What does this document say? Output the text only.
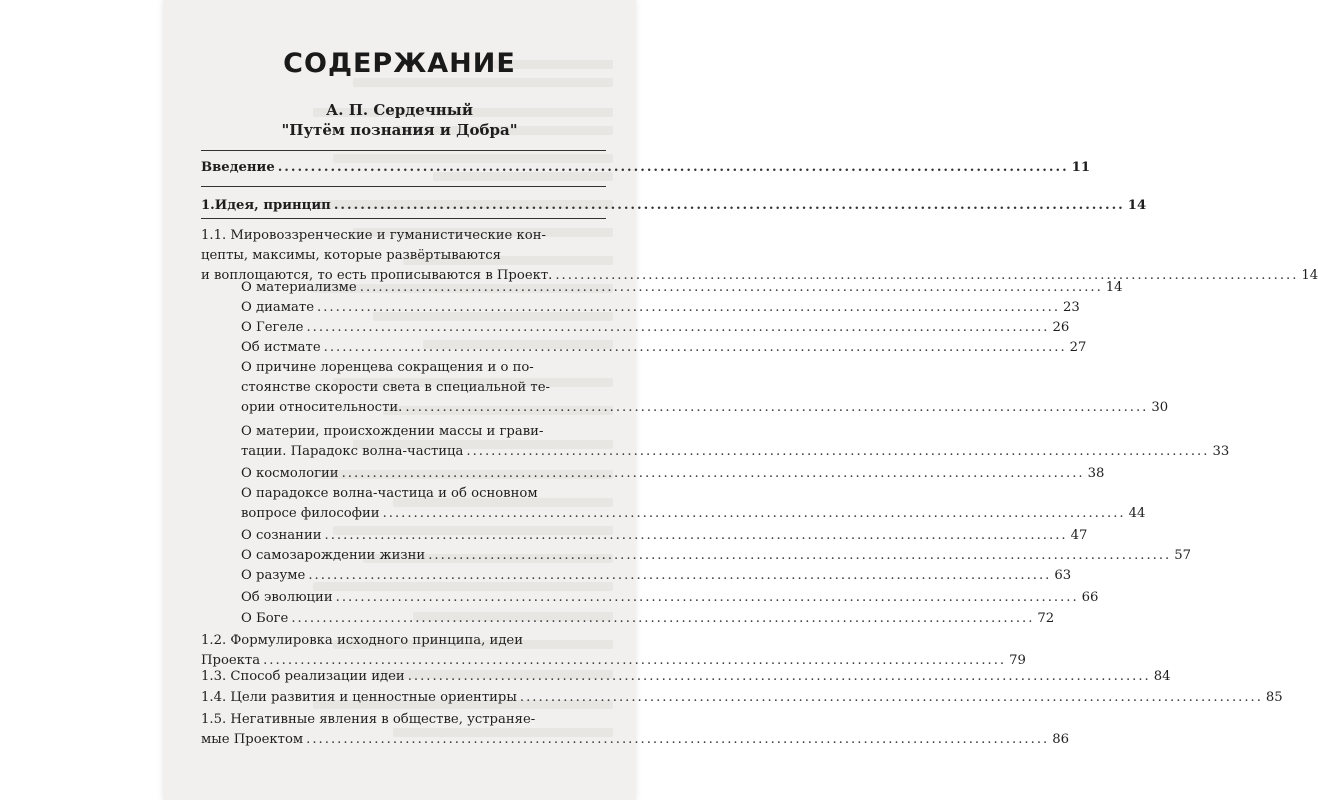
СОДЕРЖАНИЕ
А. П. Сердечный
"Путём познания и Добра"
Введение ........................................................................................................................ 11
1.Идея, принцип ........................................................................................................................ 14
1.1. Мировоззренческие и гуманистические кон-
цепты, максимы, которые развёртываются
и воплощаются, то есть прописываются в Проект. ........................................................................................................................ 14
О материализме ........................................................................................................................ 14
О диамате ........................................................................................................................ 23
О Гегеле ........................................................................................................................ 26
Об истмате ........................................................................................................................ 27
О причине лоренцева сокращения и о по-
стоянстве скорости света в специальной те-
ории относительности. ........................................................................................................................ 30
О материи, происхождении массы и грави-
тации. Парадокс волна-частица ........................................................................................................................ 33
О космологии ........................................................................................................................ 38
О парадоксе волна-частица и об основном
вопросе философии ........................................................................................................................ 44
О сознании ........................................................................................................................ 47
О самозарождении жизни ........................................................................................................................ 57
О разуме ........................................................................................................................ 63
Об эволюции ........................................................................................................................ 66
О Боге ........................................................................................................................ 72
1.2. Формулировка исходного принципа, идеи
Проекта ........................................................................................................................ 79
1.3. Способ реализации идеи ........................................................................................................................ 84
1.4. Цели развития и ценностные ориентиры ........................................................................................................................ 85
1.5. Негативные явления в обществе, устраняе-
мые Проектом ........................................................................................................................ 86
